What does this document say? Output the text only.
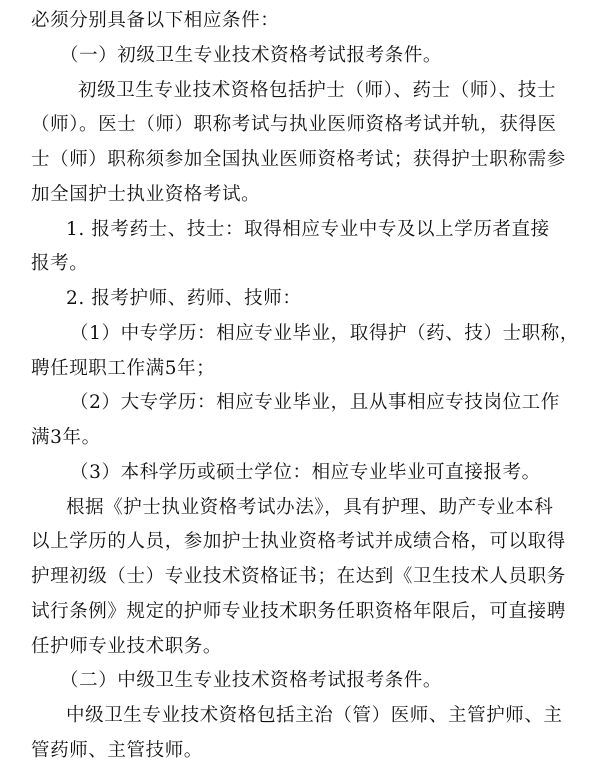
必须分别具备以下相应条件：
（一）初级卫生专业技术资格考试报考条件。
初级卫生专业技术资格包括护士（师）、药士（师）、技士
（师）。医士（师）职称考试与执业医师资格考试并轨，获得医
士（师）职称须参加全国执业医师资格考试；获得护士职称需参
加全国护士执业资格考试。
1. 报考药士、技士：取得相应专业中专及以上学历者直接
报考。
2. 报考护师、药师、技师：
（1）中专学历：相应专业毕业，取得护（药、技）士职称，
聘任现职工作满5年；
（2）大专学历：相应专业毕业，且从事相应专技岗位工作
满3年。
（3）本科学历或硕士学位：相应专业毕业可直接报考。
根据《护士执业资格考试办法》，具有护理、助产专业本科
以上学历的人员，参加护士执业资格考试并成绩合格，可以取得
护理初级（士）专业技术资格证书；在达到《卫生技术人员职务
试行条例》规定的护师专业技术职务任职资格年限后，可直接聘
任护师专业技术职务。
（二）中级卫生专业技术资格考试报考条件。
中级卫生专业技术资格包括主治（管）医师、主管护师、主
管药师、主管技师。
